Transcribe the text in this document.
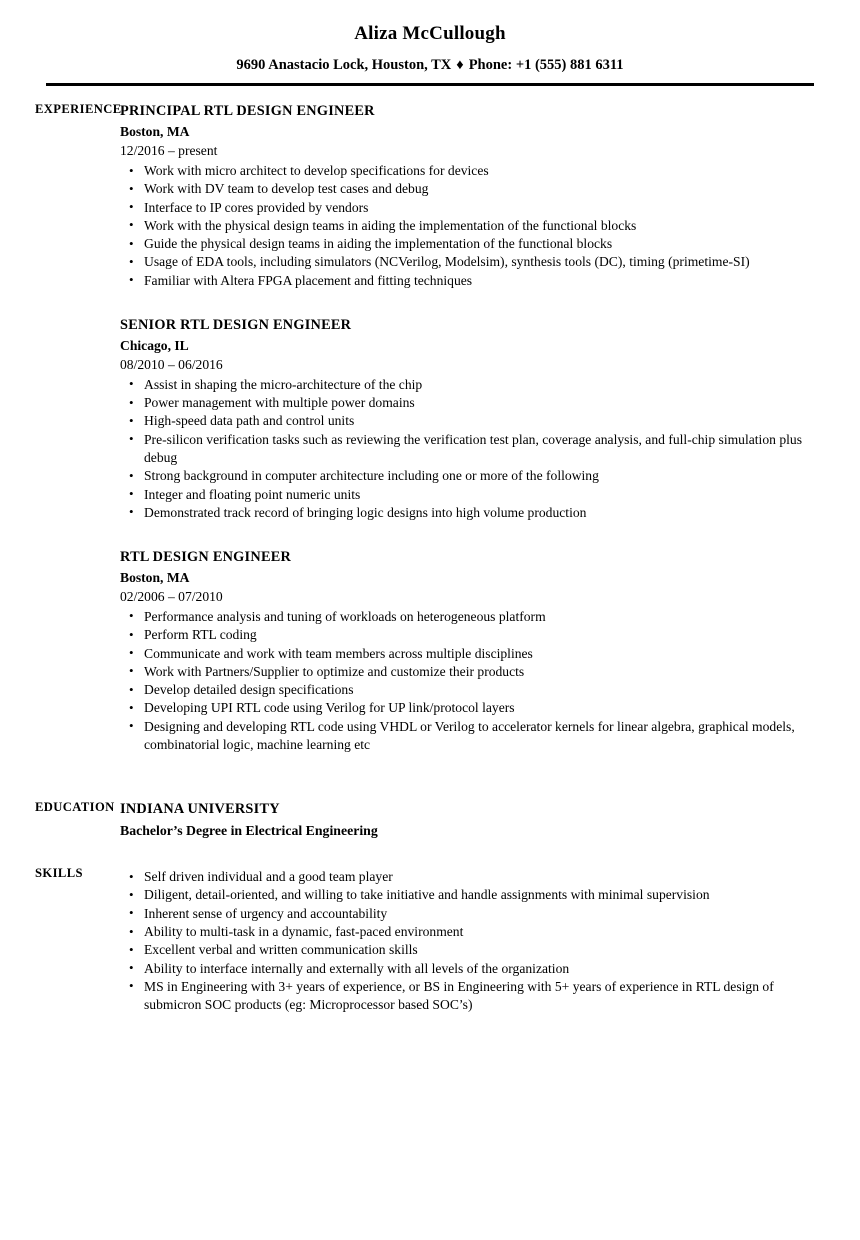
Aliza McCullough
9690 Anastacio Lock, Houston, TX ♦ Phone: +1 (555) 881 6311
EXPERIENCE
PRINCIPAL RTL DESIGN ENGINEER
Boston, MA
12/2016 – present
• Work with micro architect to develop specifications for devices
• Work with DV team to develop test cases and debug
• Interface to IP cores provided by vendors
• Work with the physical design teams in aiding the implementation of the functional blocks
• Guide the physical design teams in aiding the implementation of the functional blocks
• Usage of EDA tools, including simulators (NCVerilog, Modelsim), synthesis tools (DC), timing (primetime-SI)
• Familiar with Altera FPGA placement and fitting techniques
SENIOR RTL DESIGN ENGINEER
Chicago, IL
08/2010 – 06/2016
• Assist in shaping the micro-architecture of the chip
• Power management with multiple power domains
• High-speed data path and control units
• Pre-silicon verification tasks such as reviewing the verification test plan, coverage analysis, and full-chip simulation plus debug
• Strong background in computer architecture including one or more of the following
• Integer and floating point numeric units
• Demonstrated track record of bringing logic designs into high volume production
RTL DESIGN ENGINEER
Boston, MA
02/2006 – 07/2010
• Performance analysis and tuning of workloads on heterogeneous platform
• Perform RTL coding
• Communicate and work with team members across multiple disciplines
• Work with Partners/Supplier to optimize and customize their products
• Develop detailed design specifications
• Developing UPI RTL code using Verilog for UP link/protocol layers
• Designing and developing RTL code using VHDL or Verilog to accelerator kernels for linear algebra, graphical models, combinatorial logic, machine learning etc
EDUCATION INDIANA UNIVERSITY
Bachelor’s Degree in Electrical Engineering
SKILLS	• Self driven individual and a good team player
• Diligent, detail-oriented, and willing to take initiative and handle assignments with minimal supervision
• Inherent sense of urgency and accountability
• Ability to multi-task in a dynamic, fast-paced environment
• Excellent verbal and written communication skills
• Ability to interface internally and externally with all levels of the organization
• MS in Engineering with 3+ years of experience, or BS in Engineering with 5+ years of experience in RTL design of submicron SOC products (eg: Microprocessor based SOC’s)
